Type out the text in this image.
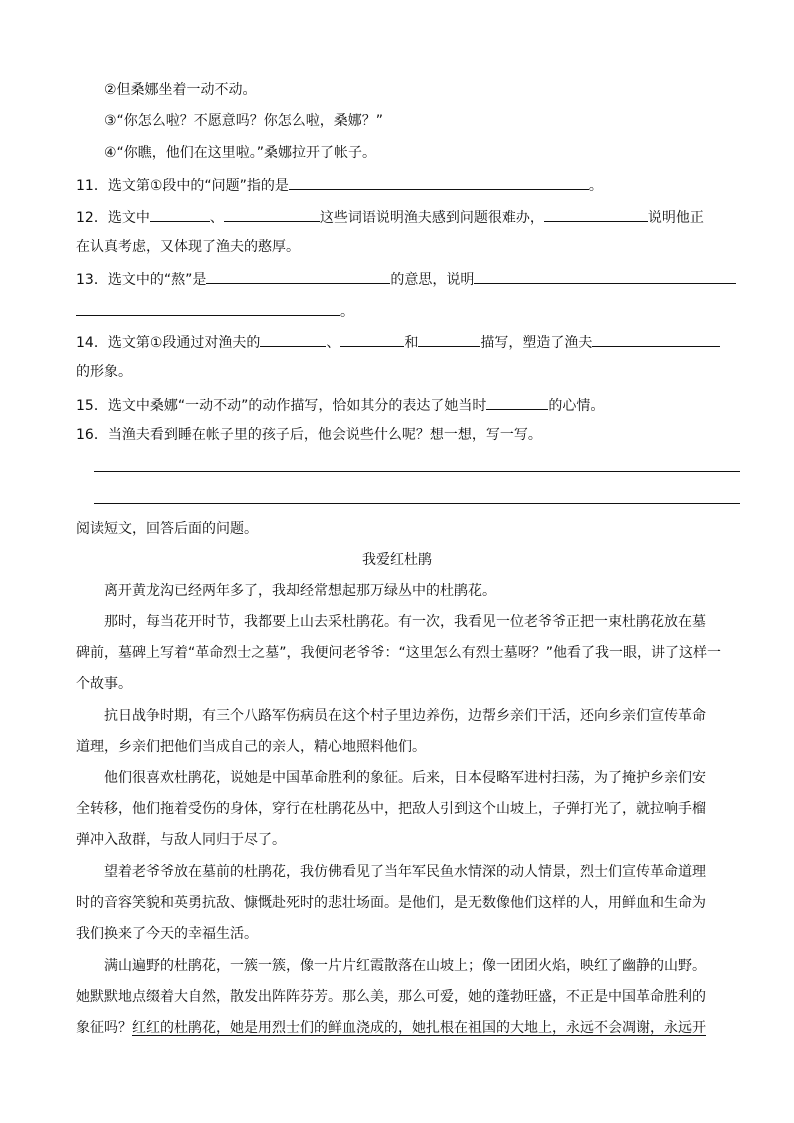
②但桑娜坐着一动不动。
③“你怎么啦？不愿意吗？你怎么啦，桑娜？”
④“你瞧，他们在这里啦。”桑娜拉开了帐子。
11．选文第①段中的“问题”指的是	。
12．选文中	、	这些词语说明渔夫感到问题很难办，	说明他正
在认真考虑，又体现了渔夫的憨厚。
13．选文中的“熬”是	的意思，说明
。
14．选文第①段通过对渔夫的	、	和	描写，塑造了渔夫
的形象。
15．选文中桑娜“一动不动”的动作描写，恰如其分的表达了她当时	的心情。
16．当渔夫看到睡在帐子里的孩子后，他会说些什么呢？想一想，写一写。
阅读短文，回答后面的问题。
我爱红杜鹃
离开黄龙沟已经两年多了，我却经常想起那万绿丛中的杜鹃花。
那时，每当花开时节，我都要上山去采杜鹃花。有一次，我看见一位老爷爷正把一束杜鹃花放在墓
碑前，墓碑上写着“革命烈士之墓”，我便问老爷爷：“这里怎么有烈士墓呀？”他看了我一眼，讲了这样一
个故事。
抗日战争时期，有三个八路军伤病员在这个村子里边养伤，边帮乡亲们干活，还向乡亲们宣传革命
道理，乡亲们把他们当成自己的亲人，精心地照料他们。
他们很喜欢杜鹃花，说她是中国革命胜利的象征。后来，日本侵略军进村扫荡，为了掩护乡亲们安
全转移，他们拖着受伤的身体，穿行在杜鹃花丛中，把敌人引到这个山坡上，子弹打光了，就拉响手榴
弹冲入敌群，与敌人同归于尽了。
望着老爷爷放在墓前的杜鹃花，我仿佛看见了当年军民鱼水情深的动人情景，烈士们宣传革命道理
时的音容笑貌和英勇抗敌、慷慨赴死时的悲壮场面。是他们，是无数像他们这样的人，用鲜血和生命为
我们换来了今天的幸福生活。
满山遍野的杜鹃花，一簇一簇，像一片片红霞散落在山坡上；像一团团火焰，映红了幽静的山野。
她默默地点缀着大自然，散发出阵阵芬芳。那么美，那么可爱，她的蓬勃旺盛，不正是中国革命胜利的
象征吗？红红的杜鹃花，她是用烈士们的鲜血浇成的，她扎根在祖国的大地上，永远不会凋谢，永远开
